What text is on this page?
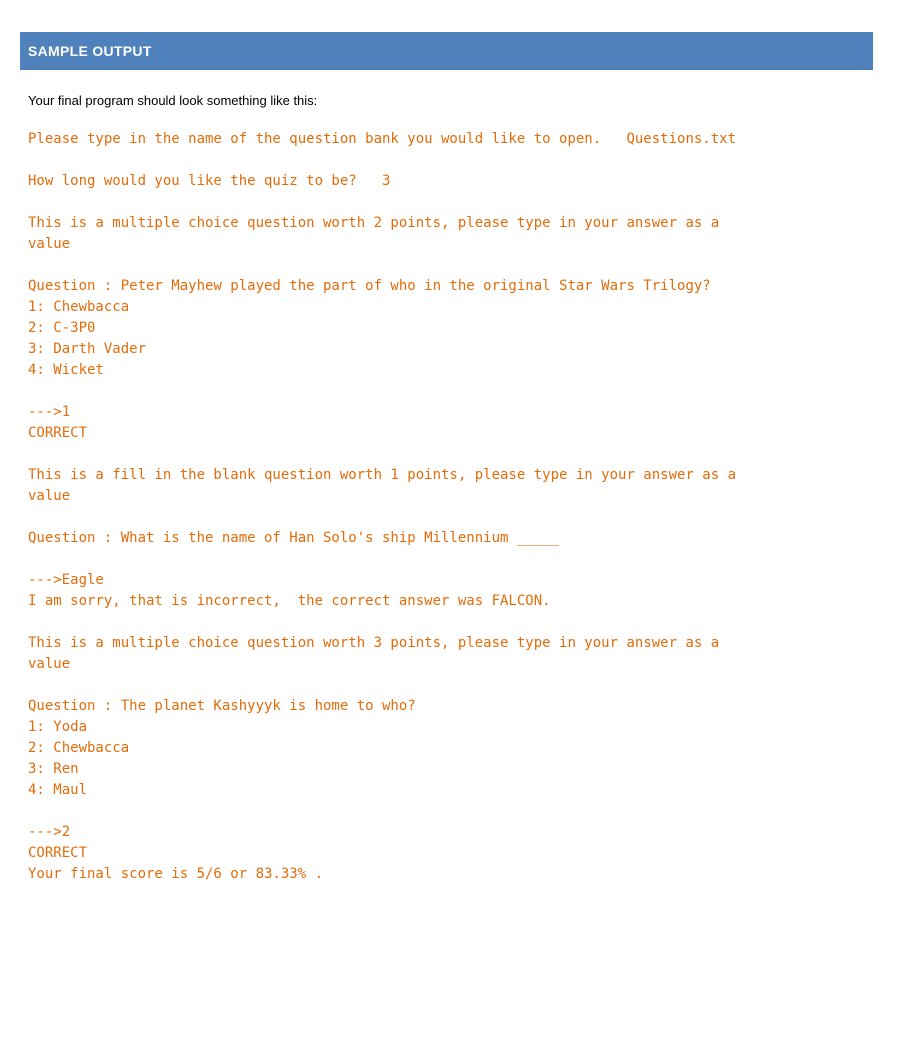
SAMPLE OUTPUT

Your final program should look something like this:

Please type in the name of the question bank you would like to open.   Questions.txt
How long would you like the quiz to be?   3
This is a multiple choice question worth 2 points, please type in your answer as a
value
Question : Peter Mayhew played the part of who in the original Star Wars Trilogy?
1: Chewbacca
2: C-3P0
3: Darth Vader
4: Wicket
--->1
CORRECT
This is a fill in the blank question worth 1 points, please type in your answer as a
value
Question : What is the name of Han Solo's ship Millennium _____
--->Eagle
I am sorry, that is incorrect,  the correct answer was FALCON.
This is a multiple choice question worth 3 points, please type in your answer as a
value
Question : The planet Kashyyyk is home to who?
1: Yoda
2: Chewbacca
3: Ren
4: Maul
--->2
CORRECT
Your final score is 5/6 or 83.33% .
